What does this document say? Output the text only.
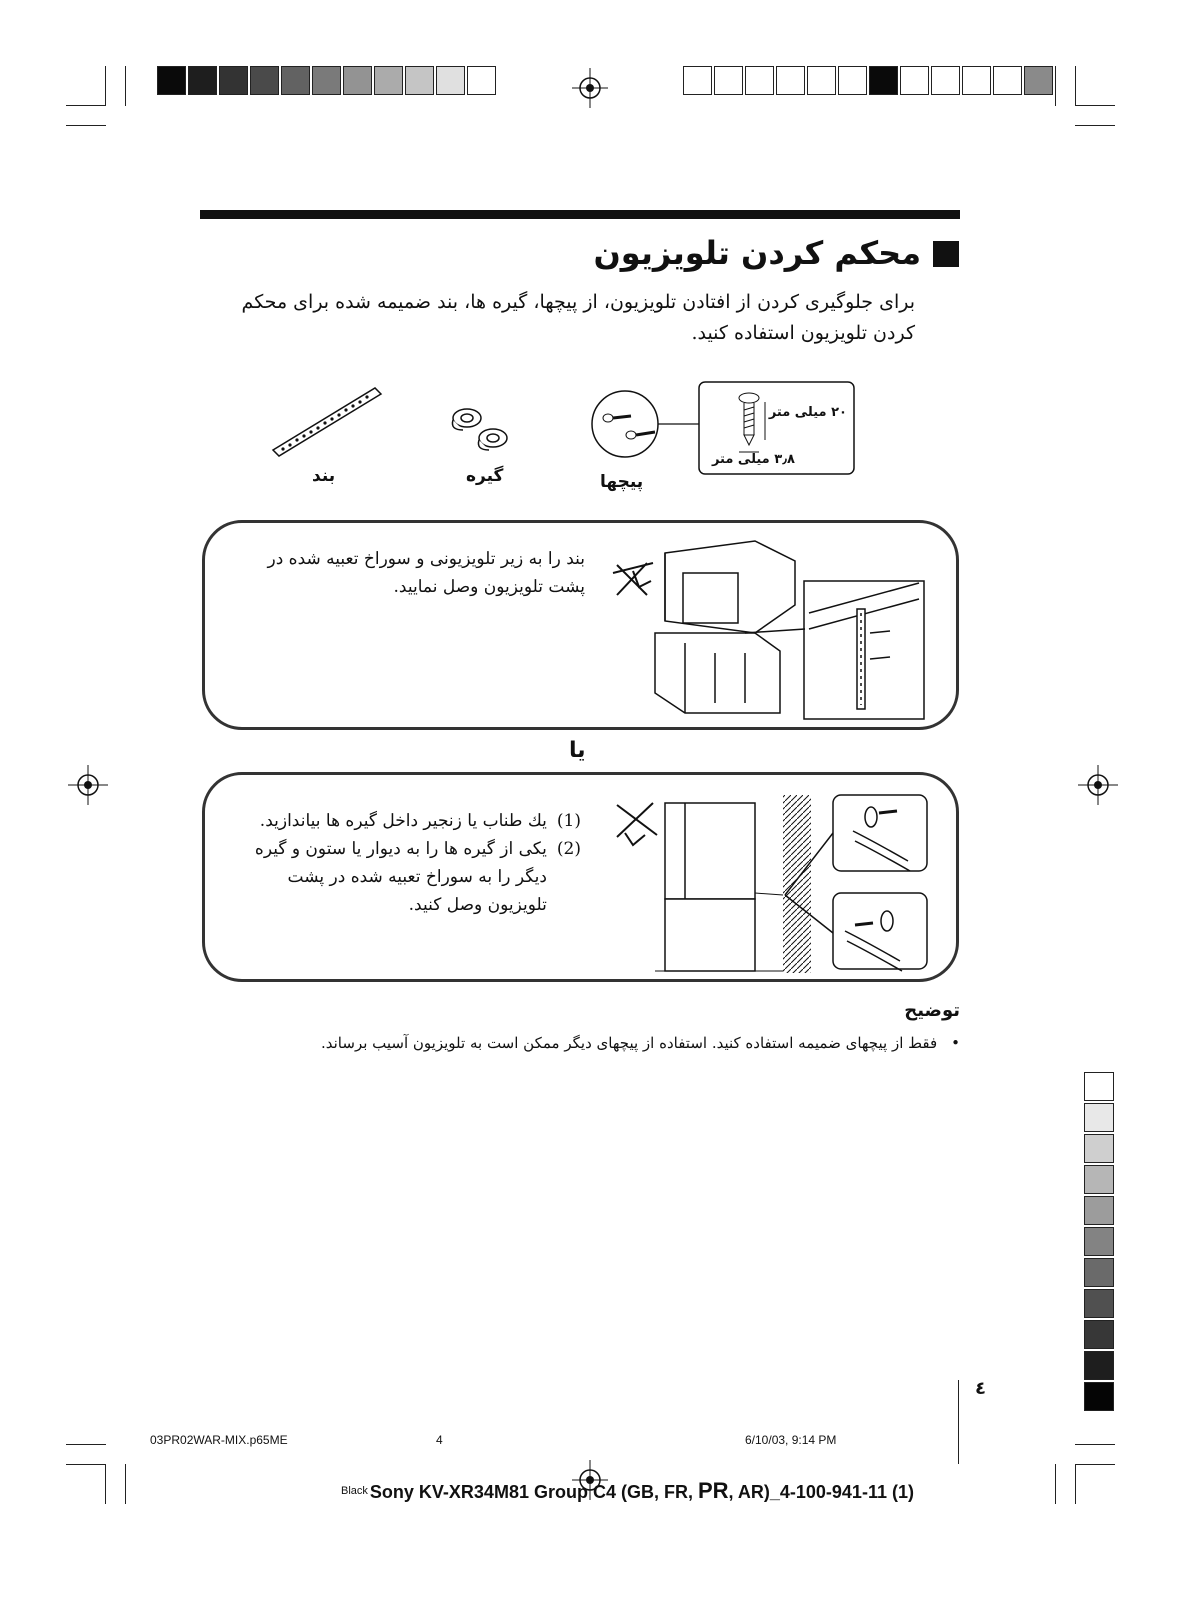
محکم کردن تلویزیون
برای جلوگیری کردن از افتادن تلویزیون، از پیچها، گیره ها، بند ضمیمه شده برای محکم کردن تلویزیون استفاده کنید.
۲۰ میلی متر
۳٫۸ میلی متر
بند	گیره	پیچها
بند را به زیر تلویزیونی و سوراخ تعبیه شده در پشت تلویزیون وصل نمایید.
یا
(1)یك طناب یا زنجیر داخل گیره ها بیاندازید.
(2)
یکی از گیره ها را به دیوار یا ستون و گیره دیگر را به سوراخ تعبیه شده در پشت تلویزیون وصل کنید.
توضیح
•فقط از پیچهای ضمیمه استفاده کنید. استفاده از پیچهای دیگر ممکن است به تلویزیون آسیب برساند.
٤
03PR02WAR-MIX.p65ME	4	6/10/03, 9:14 PM
$^{Black}$ Sony KV-XR34M81 Group C4 (GB, FR, PR, AR)_4-100-941-11 (1)
